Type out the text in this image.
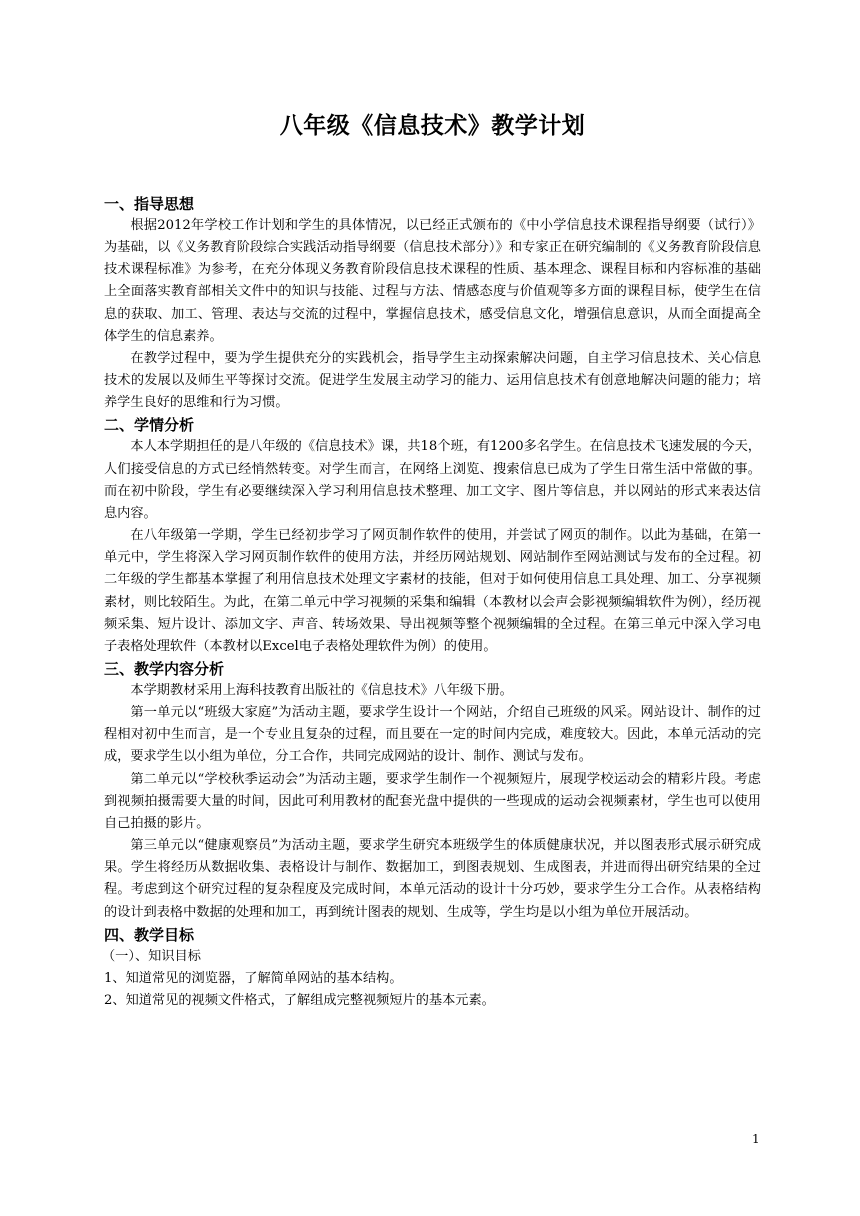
八年级《信息技术》教学计划
一、指导思想

根据2012年学校工作计划和学生的具体情况，以已经正式颁布的《中小学信息技术课程指导纲要（试行）》为基础，以《义务教育阶段综合实践活动指导纲要（信息技术部分）》和专家正在研究编制的《义务教育阶段信息技术课程标准》为参考，在充分体现义务教育阶段信息技术课程的性质、基本理念、课程目标和内容标准的基础上全面落实教育部相关文件中的知识与技能、过程与方法、情感态度与价值观等多方面的课程目标，使学生在信息的获取、加工、管理、表达与交流的过程中，掌握信息技术，感受信息文化，增强信息意识，从而全面提高全体学生的信息素养。

在教学过程中，要为学生提供充分的实践机会，指导学生主动探索解决问题，自主学习信息技术、关心信息技术的发展以及师生平等探讨交流。促进学生发展主动学习的能力、运用信息技术有创意地解决问题的能力；培养学生良好的思维和行为习惯。

二、学情分析

本人本学期担任的是八年级的《信息技术》课，共18个班，有1200多名学生。在信息技术飞速发展的今天，人们接受信息的方式已经悄然转变。对学生而言，在网络上浏览、搜索信息已成为了学生日常生活中常做的事。而在初中阶段，学生有必要继续深入学习利用信息技术整理、加工文字、图片等信息，并以网站的形式来表达信息内容。

在八年级第一学期，学生已经初步学习了网页制作软件的使用，并尝试了网页的制作。以此为基础，在第一单元中，学生将深入学习网页制作软件的使用方法，并经历网站规划、网站制作至网站测试与发布的全过程。初二年级的学生都基本掌握了利用信息技术处理文字素材的技能，但对于如何使用信息工具处理、加工、分享视频素材，则比较陌生。为此，在第二单元中学习视频的采集和编辑（本教材以会声会影视频编辑软件为例），经历视频采集、短片设计、添加文字、声音、转场效果、导出视频等整个视频编辑的全过程。在第三单元中深入学习电子表格处理软件（本教材以Excel电子表格处理软件为例）的使用。

三、教学内容分析

本学期教材采用上海科技教育出版社的《信息技术》八年级下册。

第一单元以“班级大家庭”为活动主题，要求学生设计一个网站，介绍自己班级的风采。网站设计、制作的过程相对初中生而言，是一个专业且复杂的过程，而且要在一定的时间内完成，难度较大。因此，本单元活动的完成，要求学生以小组为单位，分工合作，共同完成网站的设计、制作、测试与发布。

第二单元以“学校秋季运动会”为活动主题，要求学生制作一个视频短片，展现学校运动会的精彩片段。考虑到视频拍摄需要大量的时间，因此可利用教材的配套光盘中提供的一些现成的运动会视频素材，学生也可以使用自己拍摄的影片。

第三单元以“健康观察员”为活动主题，要求学生研究本班级学生的体质健康状况，并以图表形式展示研究成果。学生将经历从数据收集、表格设计与制作、数据加工，到图表规划、生成图表，并进而得出研究结果的全过程。考虑到这个研究过程的复杂程度及完成时间，本单元活动的设计十分巧妙，要求学生分工合作。从表格结构的设计到表格中数据的处理和加工，再到统计图表的规划、生成等，学生均是以小组为单位开展活动。

四、教学目标

（一）、知识目标

1、知道常见的浏览器，了解简单网站的基本结构。

2、知道常见的视频文件格式，了解组成完整视频短片的基本元素。

1
